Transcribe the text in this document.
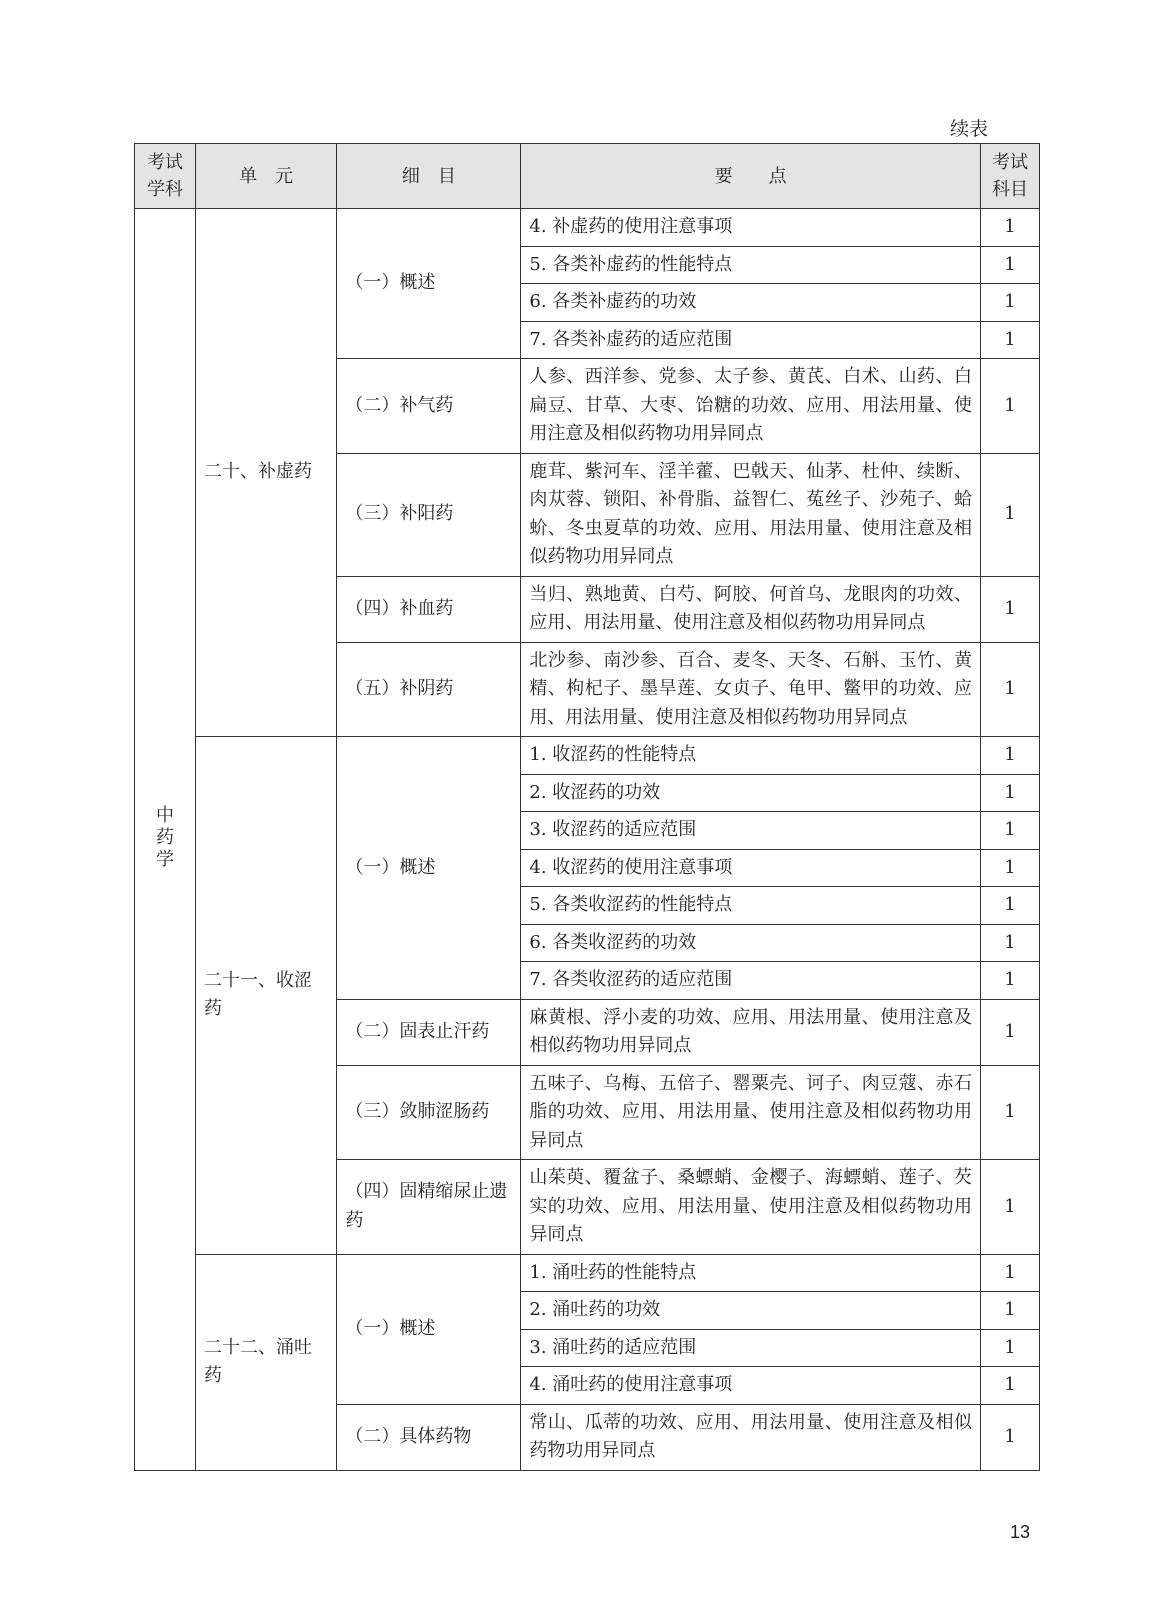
续表
考试学科	单　元	细　目	要　　点	考试科目
中药学	二十、补虚药	（一）概述	4. 补虚药的使用注意事项	1
			5. 各类补虚药的性能特点	1
			6. 各类补虚药的功效	1
			7. 各类补虚药的适应范围	1
		（二）补气药	人参、西洋参、党参、太子参、黄芪、白术、山药、白扁豆、甘草、大枣、饴糖的功效、应用、用法用量、使用注意及相似药物功用异同点	1
		（三）补阳药	鹿茸、紫河车、淫羊藿、巴戟天、仙茅、杜仲、续断、肉苁蓉、锁阳、补骨脂、益智仁、菟丝子、沙苑子、蛤蚧、冬虫夏草的功效、应用、用法用量、使用注意及相似药物功用异同点	1
		（四）补血药	当归、熟地黄、白芍、阿胶、何首乌、龙眼肉的功效、应用、用法用量、使用注意及相似药物功用异同点	1
		（五）补阴药	北沙参、南沙参、百合、麦冬、天冬、石斛、玉竹、黄精、枸杞子、墨旱莲、女贞子、龟甲、鳖甲的功效、应用、用法用量、使用注意及相似药物功用异同点	1
	二十一、收涩药	（一）概述	1. 收涩药的性能特点	1
			2. 收涩药的功效	1
			3. 收涩药的适应范围	1
			4. 收涩药的使用注意事项	1
			5. 各类收涩药的性能特点	1
			6. 各类收涩药的功效	1
			7. 各类收涩药的适应范围	1
		（二）固表止汗药	麻黄根、浮小麦的功效、应用、用法用量、使用注意及相似药物功用异同点	1
		（三）敛肺涩肠药	五味子、乌梅、五倍子、罂粟壳、诃子、肉豆蔻、赤石脂的功效、应用、用法用量、使用注意及相似药物功用异同点	1
		（四）固精缩尿止遗药	山茱萸、覆盆子、桑螵蛸、金樱子、海螵蛸、莲子、芡实的功效、应用、用法用量、使用注意及相似药物功用异同点	1
	二十二、涌吐药	（一）概述	1. 涌吐药的性能特点	1
			2. 涌吐药的功效	1
			3. 涌吐药的适应范围	1
			4. 涌吐药的使用注意事项	1
		（二）具体药物	常山、瓜蒂的功效、应用、用法用量、使用注意及相似药物功用异同点	1
13
